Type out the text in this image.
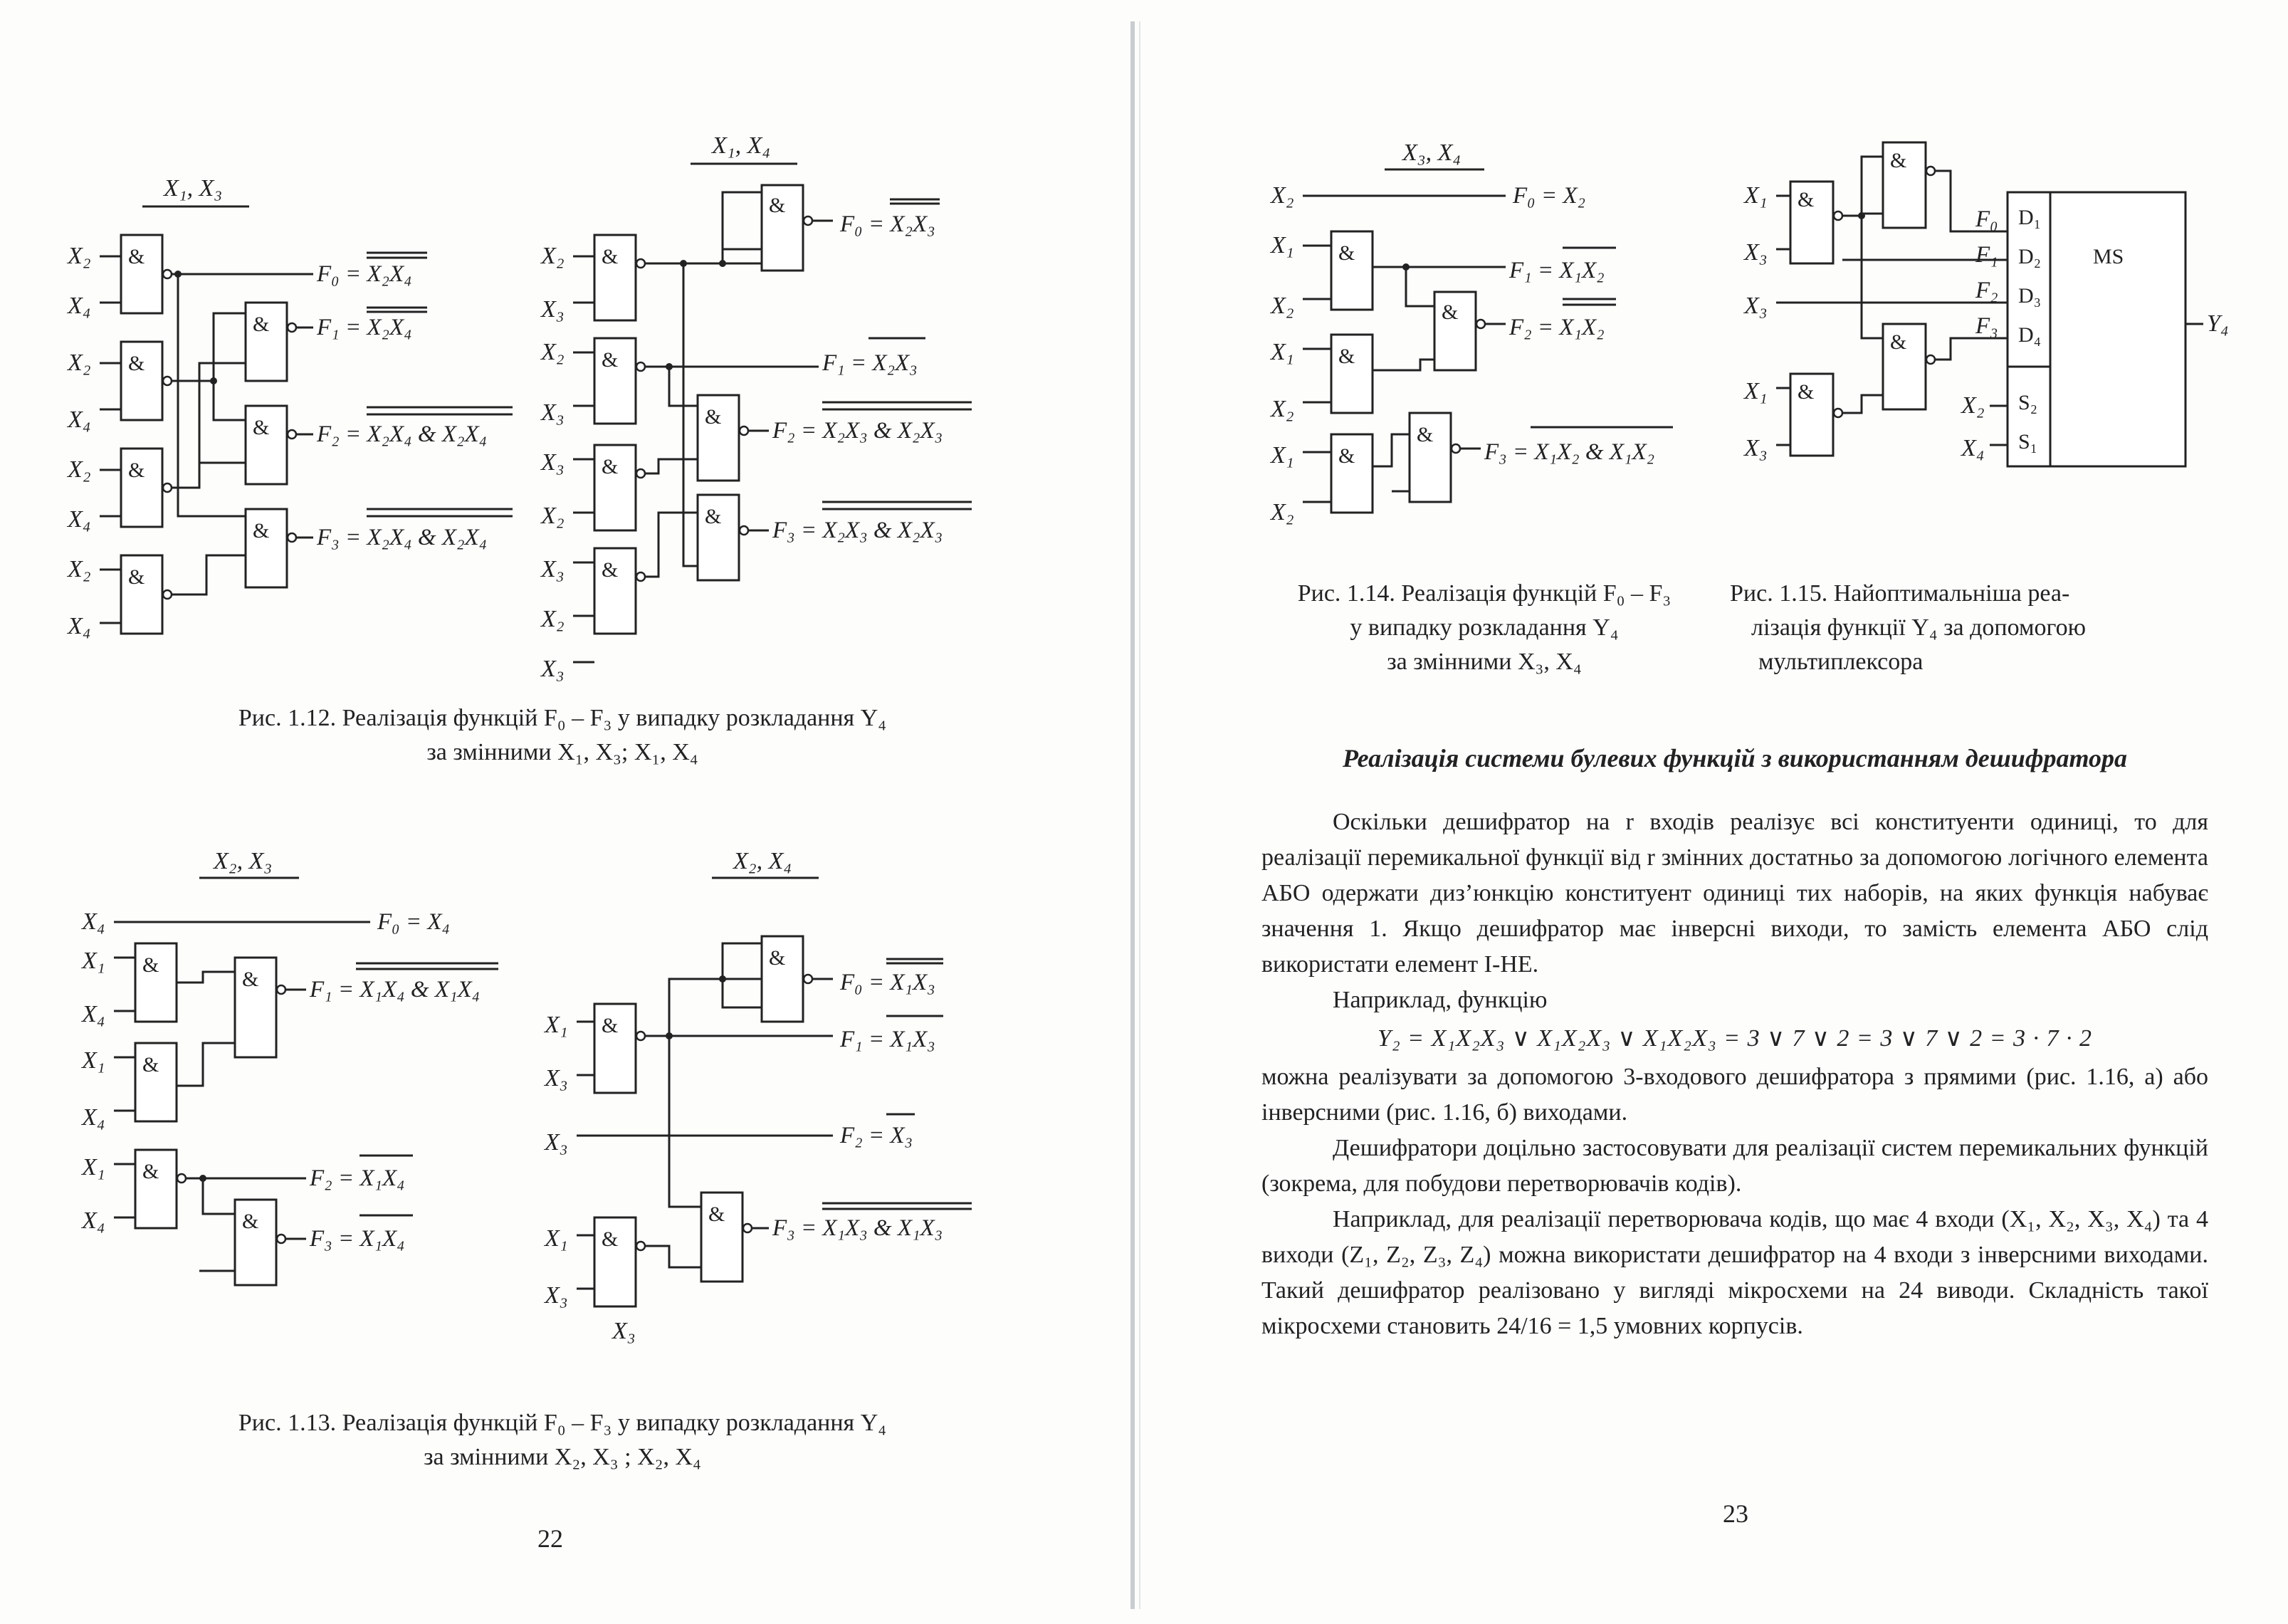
X₁, X₃
&
&
&
&
X₂
X₄
X₂
X₄
X₂
X₄
X₂
X₄
&
&
&
F₀ = X₂X₄
F₁ = X₂X₄
F₂ = X₂X₄ & X₂X₄
F₃ = X₂X₄ & X₂X₄
X₁, X₄
&
&
&
&
X₂
X₃
X₂
X₃
X₃
X₂
X₃
X₂
X₃
&
&
&
F₀ = X₂X₃
F₁ = X₂X₃
F₂ = X₂X₃ & X₂X₃
F₃ = X₂X₃ & X₂X₃
Рис. 1.12. Реалізація функцій F₀ – F₃ у випадку розкладання Y₄
за змінними X₁, X₃; X₁, X₄
X₂, X₃
X₄	F₀ = X₄
&
&
&
&
&
X₁
X₄
X₁
X₄
X₁
X₄
F₁ = X₁X₄ & X₁X₄
F₂ = X₁X₄
F₃ = X₁X₄
X₂, X₄
&
&
&
&
X₁
X₃
X₃
X₁
X₃
X₃
F₀ = X₁X₃
F₁ = X₁X₃
F₂ = X₃
F₃ = X₁X₃ & X₁X₃
Рис. 1.13. Реалізація функцій F₀ – F₃ у випадку розкладання Y₄
за змінними X₂, X₃ ; X₂, X₄
22
X₃, X₄
X₂	F₀ = X₂
&
&
&
&
&
X₁
X₂
X₁
X₂
X₁
X₂
F₁ = X₁X₂
F₂ = X₁X₂
F₃ = X₁X₂ & X₁X₂
Рис. 1.14. Реалізація функцій F₀ – F₃
у випадку розкладання Y₄
за змінними X₃, X₄
&
&
&
&
X₁
X₃
X₃
X₁
X₃
F₀
F₁
F₂
F₃
D₁
D₂
D₃
D₄
S₂
S₁
MS
X₂
X₄
Y₄
Рис. 1.15. Найоптимальніша реа-
лізація функції Y₄ за допомогою
мультиплексора
Реалізація системи булевих функцій з використанням дешифратора

Оскільки дешифратор на r входів реалізує всі конституенти одиниці, то для реалізації перемикальної функції від r змінних достатньо за допомогою логічного елемента АБО одержати диз’юнкцію конституент одиниці тих наборів, на яких функція набуває значення 1. Якщо дешифратор має інверсні виходи, то замість елемента АБО слід використати елемент І-НЕ.

Наприклад, функцію

Y₂ = X₁X₂X₃ ∨ X₁X₂X₃ ∨ X₁X₂X₃ = 3 ∨ 7 ∨ 2 = 3 ∨ 7 ∨ 2 = 3 · 7 · 2

можна реалізувати за допомогою 3-входового дешифратора з прямими (рис. 1.16, а) або інверсними (рис. 1.16, б) виходами.

Дешифратори доцільно застосовувати для реалізації систем перемикальних функцій (зокрема, для побудови перетворювачів кодів).

Наприклад, для реалізації перетворювача кодів, що має 4 входи (X₁, X₂, X₃, X₄) та 4 виходи (Z₁, Z₂, Z₃, Z₄) можна використати дешифратор на 4 входи з інверсними виходами. Такий дешифратор реалізовано у вигляді мікросхеми на 24 виводи. Складність такої мікросхеми становить 24/16 = 1,5 умовних корпусів.

23
